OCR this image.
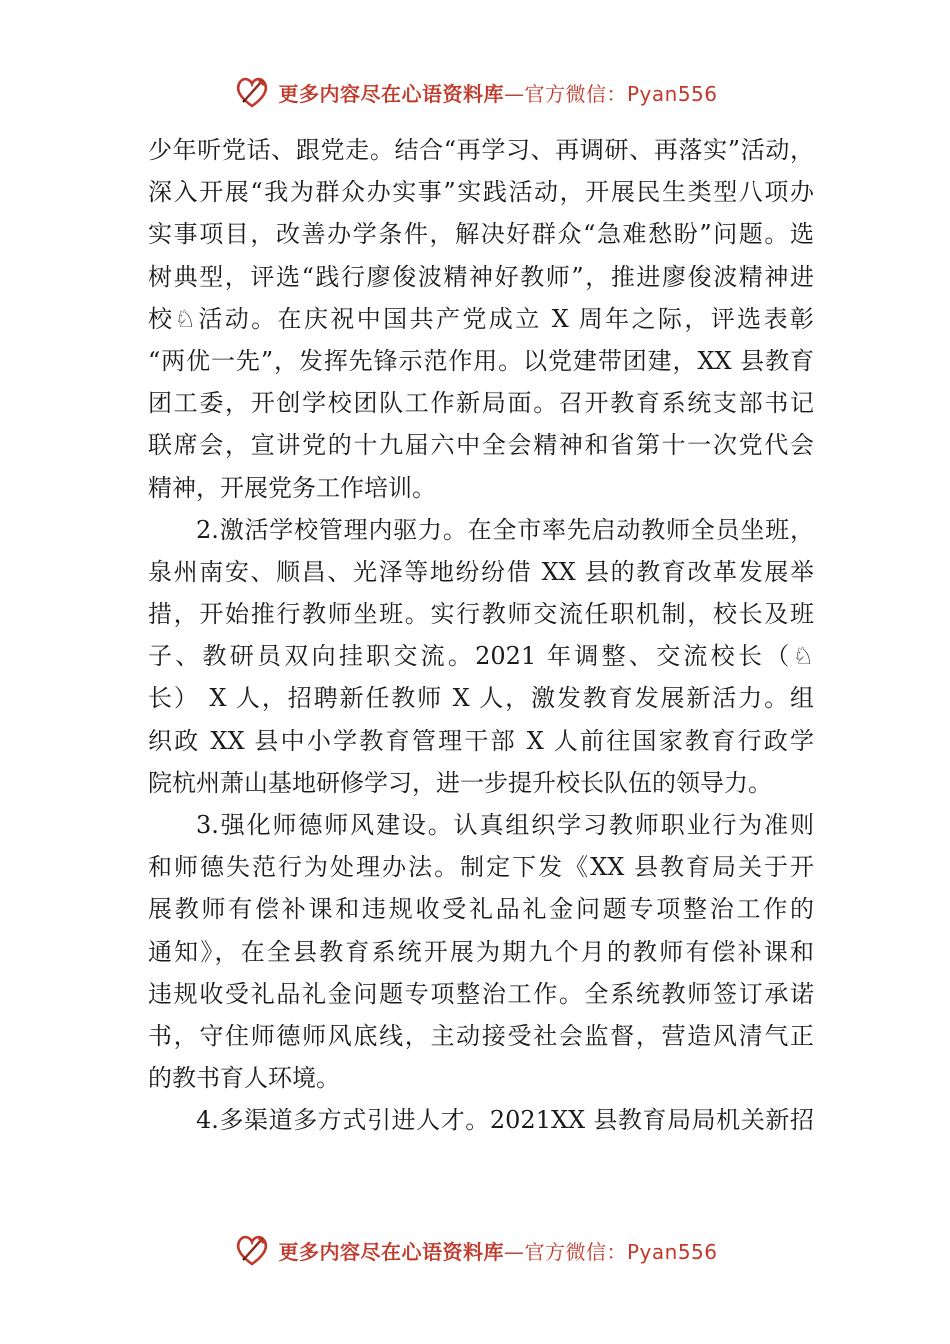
更多内容尽在心语资料库—官方微信：Pyan556
少年听党话、跟党走。结合“再学习、再调研、再落实”活动，
深入开展“我为群众办实事”实践活动，开展民生类型八项办
实事项目，改善办学条件，解决好群众“急难愁盼”问题。选
树典型，评选“践行廖俊波精神好教师”，推进廖俊波精神进
校♘活动。在庆祝中国共产党成立 X 周年之际，评选表彰
“两优一先”，发挥先锋示范作用。以党建带团建，XX 县教育
团工委，开创学校团队工作新局面。召开教育系统支部书记
联席会，宣讲党的十九届六中全会精神和省第十一次党代会
精神，开展党务工作培训。
2.激活学校管理内驱力。在全市率先启动教师全员坐班，
泉州南安、顺昌、光泽等地纷纷借 XX 县的教育改革发展举
措，开始推行教师坐班。实行教师交流任职机制，校长及班
子、教研员双向挂职交流。2021 年调整、交流校长（♘
长） X 人，招聘新任教师 X 人，激发教育发展新活力。组
织政 XX 县中小学教育管理干部 X 人前往国家教育行政学
院杭州萧山基地研修学习，进一步提升校长队伍的领导力。
3.强化师德师风建设。认真组织学习教师职业行为准则
和师德失范行为处理办法。制定下发《XX 县教育局关于开
展教师有偿补课和违规收受礼品礼金问题专项整治工作的
通知》，在全县教育系统开展为期九个月的教师有偿补课和
违规收受礼品礼金问题专项整治工作。全系统教师签订承诺
书，守住师德师风底线，主动接受社会监督，营造风清气正
的教书育人环境。
4.多渠道多方式引进人才。2021XX 县教育局局机关新招
更多内容尽在心语资料库—官方微信：Pyan556
